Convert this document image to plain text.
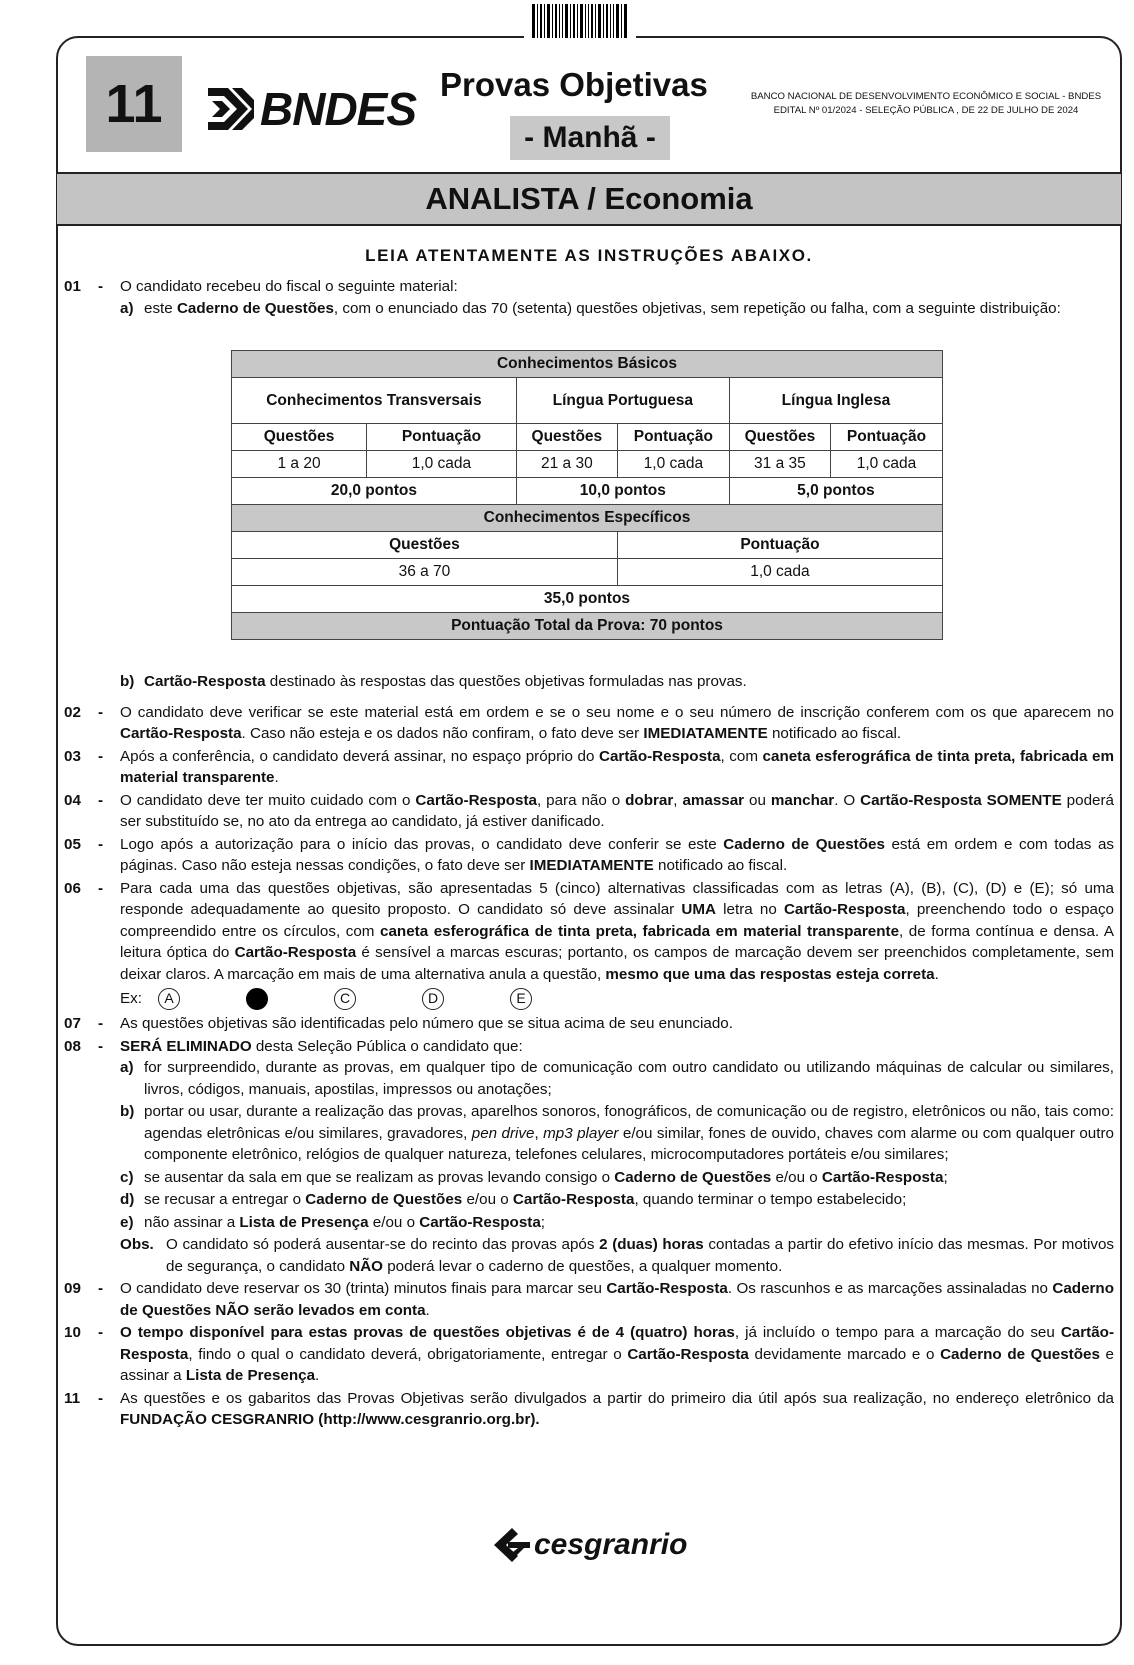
11	BNDES Provas Objetivas
- Manhã -
BANCO NACIONAL DE DESENVOLVIMENTO ECONÔMICO E SOCIAL - BNDES
EDITAL Nº 01/2024 - SELEÇÃO PÚBLICA , DE 22 DE JULHO DE 2024
ANALISTA / Economia
LEIA ATENTAMENTE AS INSTRUÇÕES ABAIXO.
01	-	O candidato recebeu do fiscal o seguinte material:
a) este Caderno de Questões, com o enunciado das 70 (setenta) questões objetivas, sem repetição ou falha, com a seguinte distribuição:
Conhecimentos Básicos					
Conhecimentos Transversais		Língua Portuguesa		Língua Inglesa	
Questões	Pontuação	Questões	Pontuação	Questões	Pontuação
1 a 20	1,0 cada	21 a 30	1,0 cada	31 a 35	1,0 cada
20,0 pontos		10,0 pontos		5,0 pontos	
Conhecimentos Específicos					
Questões			Pontuação		
36 a 70			1,0 cada		
35,0 pontos					
Pontuação Total da Prova: 70 pontos					
b) Cartão-Resposta destinado às respostas das questões objetivas formuladas nas provas.
02	-	O candidato deve verificar se este material está em ordem e se o seu nome e o seu número de inscrição conferem com os que aparecem no Cartão-Resposta. Caso não esteja e os dados não confiram, o fato deve ser IMEDIATAMENTE notificado ao fiscal.
03	-	Após a conferência, o candidato deverá assinar, no espaço próprio do Cartão-Resposta, com caneta esferográfica de tinta preta, fabricada em material transparente.
04	-	O candidato deve ter muito cuidado com o Cartão-Resposta, para não o dobrar, amassar ou manchar. O Cartão-Resposta SOMENTE poderá ser substituído se, no ato da entrega ao candidato, já estiver danificado.
05	-	Logo após a autorização para o início das provas, o candidato deve conferir se este Caderno de Questões está em ordem e com todas as páginas. Caso não esteja nessas condições, o fato deve ser IMEDIATAMENTE notificado ao fiscal.
06	-	Para cada uma das questões objetivas, são apresentadas 5 (cinco) alternativas classificadas com as letras (A), (B), (C), (D) e (E); só uma responde adequadamente ao quesito proposto. O candidato só deve assinalar UMA letra no Cartão-Resposta, preenchendo todo o espaço compreendido entre os círculos, com caneta esferográfica de tinta preta, fabricada em material transparente, de forma contínua e densa. A leitura óptica do Cartão-Resposta é sensível a marcas escuras; portanto, os campos de marcação devem ser preenchidos completamente, sem deixar claros. A marcação em mais de uma alternativa anula a questão, mesmo que uma das respostas esteja correta.
Ex:	A	C	D	E
07	-	As questões objetivas são identificadas pelo número que se situa acima de seu enunciado.
08	-	SERÁ ELIMINADO desta Seleção Pública o candidato que:
a) for surpreendido, durante as provas, em qualquer tipo de comunicação com outro candidato ou utilizando máquinas de calcular ou similares, livros, códigos, manuais, apostilas, impressos ou anotações;
b) portar ou usar, durante a realização das provas, aparelhos sonoros, fonográficos, de comunicação ou de registro, eletrônicos ou não, tais como: agendas eletrônicas e/ou similares, gravadores, pen drive, mp3 player e/ou similar, fones de ouvido, chaves com alarme ou com qualquer outro componente eletrônico, relógios de qualquer natureza, telefones celulares, microcomputadores portáteis e/ou similares;
c) se ausentar da sala em que se realizam as provas levando consigo o Caderno de Questões e/ou o Cartão-Resposta;
d) se recusar a entregar o Caderno de Questões e/ou o Cartão-Resposta, quando terminar o tempo estabelecido;
e) não assinar a Lista de Presença e/ou o Cartão-Resposta;
Obs. O candidato só poderá ausentar-se do recinto das provas após 2 (duas) horas contadas a partir do efetivo início das mesmas. Por motivos de segurança, o candidato NÃO poderá levar o caderno de questões, a qualquer momento.
09	-	O candidato deve reservar os 30 (trinta) minutos finais para marcar seu Cartão-Resposta. Os rascunhos e as marcações assinaladas no Caderno de Questões NÃO serão levados em conta.
10	-	O tempo disponível para estas provas de questões objetivas é de 4 (quatro) horas, já incluído o tempo para a marcação do seu Cartão-Resposta, findo o qual o candidato deverá, obrigatoriamente, entregar o Cartão-Resposta devidamente marcado e o Caderno de Questões e assinar a Lista de Presença.
11	-	As questões e os gabaritos das Provas Objetivas serão divulgados a partir do primeiro dia útil após sua realização, no endereço eletrônico da FUNDAÇÃO CESGRANRIO (http://www.cesgranrio.org.br).
cesgranrio
